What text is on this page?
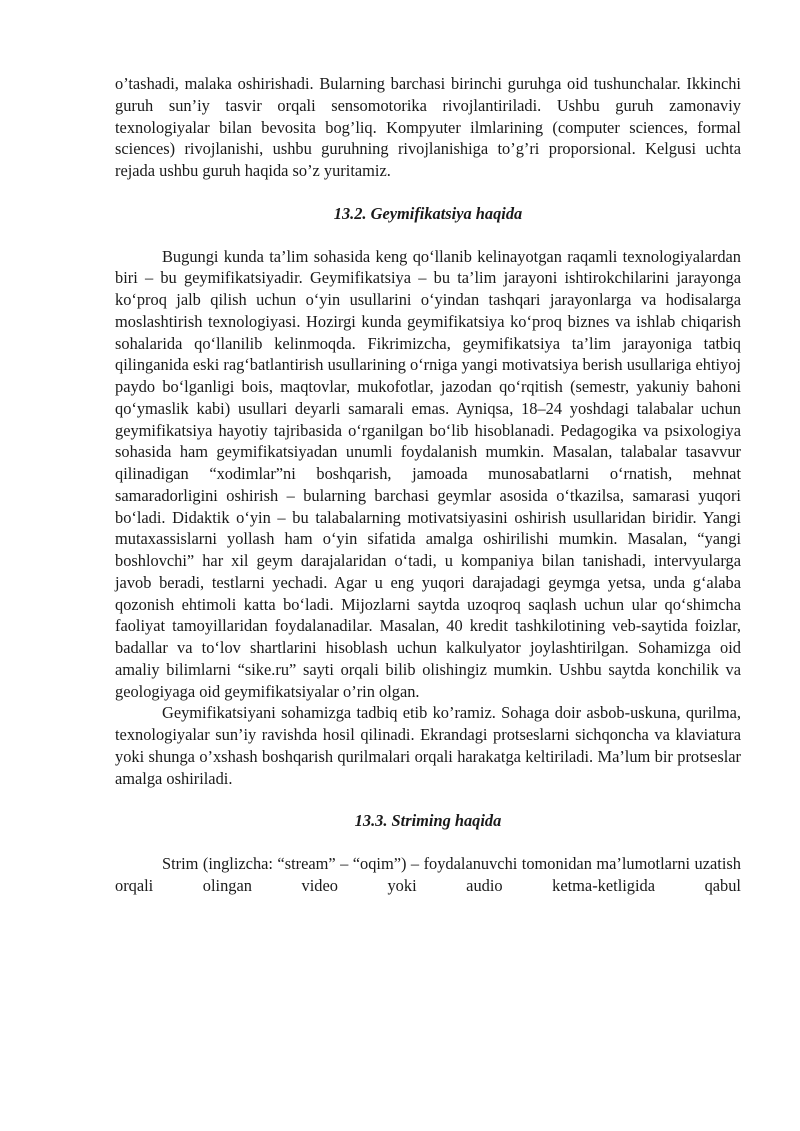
o’tashadi, malaka oshirishadi. Bularning barchasi birinchi guruhga oid tushunchalar. Ikkinchi guruh sun’iy tasvir orqali sensomotorika rivojlantiriladi. Ushbu guruh zamonaviy texnologiyalar bilan bevosita bog’liq. Kompyuter ilmlarining (computer sciences, formal sciences) rivojlanishi, ushbu guruhning rivojlanishiga to’g’ri proporsional. Kelgusi uchta rejada ushbu guruh haqida so’z yuritamiz.

13.2. Geymifikatsiya haqida

Bugungi kunda ta’lim sohasida keng qo‘llanib kelinayotgan raqamli texnologiyalardan biri – bu geymifikatsiyadir. Geymifikatsiya – bu ta’lim jarayoni ishtirokchilarini jarayonga ko‘proq jalb qilish uchun o‘yin usullarini o‘yindan tashqari jarayonlarga va hodisalarga moslashtirish texnologiyasi. Hozirgi kunda geymifikatsiya ko‘proq biznes va ishlab chiqarish sohalarida qo‘llanilib kelinmoqda. Fikrimizcha, geymifikatsiya ta’lim jarayoniga tatbiq qilinganida eski rag‘batlantirish usullarining o‘rniga yangi motivatsiya berish usullariga ehtiyoj paydo bo‘lganligi bois, maqtovlar, mukofotlar, jazodan qo‘rqitish (semestr, yakuniy bahoni qo‘ymaslik kabi) usullari deyarli samarali emas. Ayniqsa, 18–24 yoshdagi talabalar uchun geymifikatsiya hayotiy tajribasida o‘rganilgan bo‘lib hisoblanadi. Pedagogika va psixologiya sohasida ham geymifikatsiyadan unumli foydalanish mumkin. Masalan, talabalar tasavvur qilinadigan “xodimlar”ni boshqarish, jamoada munosabatlarni o‘rnatish, mehnat samaradorligini oshirish – bularning barchasi geymlar asosida o‘tkazilsa, samarasi yuqori bo‘ladi. Didaktik o‘yin – bu talabalarning motivatsiyasini oshirish usullaridan biridir. Yangi mutaxassislarni yollash ham o‘yin sifatida amalga oshirilishi mumkin. Masalan, “yangi boshlovchi” har xil geym darajalaridan o‘tadi, u kompaniya bilan tanishadi, intervyularga javob beradi, testlarni yechadi. Agar u eng yuqori darajadagi geymga yetsa, unda g‘alaba qozonish ehtimoli katta bo‘ladi. Mijozlarni saytda uzoqroq saqlash uchun ular qo‘shimcha faoliyat tamoyillaridan foydalanadilar. Masalan, 40 kredit tashkilotining veb-saytida foizlar, badallar va to‘lov shartlarini hisoblash uchun kalkulyator joylashtirilgan. Sohamizga oid amaliy bilimlarni “sike.ru” sayti orqali bilib olishingiz mumkin. Ushbu saytda konchilik va geologiyaga oid geymifikatsiyalar o’rin olgan.

Geymifikatsiyani sohamizga tadbiq etib ko’ramiz. Sohaga doir asbob-uskuna, qurilma, texnologiyalar sun’iy ravishda hosil qilinadi. Ekrandagi protseslarni sichqoncha va klaviatura yoki shunga o’xshash boshqarish qurilmalari orqali harakatga keltiriladi. Ma’lum bir protseslar amalga oshiriladi.

13.3. Striming haqida

Strim (inglizcha: “stream” – “oqim”) – foydalanuvchi tomonidan ma’lumotlarni uzatish orqali olingan video yoki audio ketma-ketligida qabul
